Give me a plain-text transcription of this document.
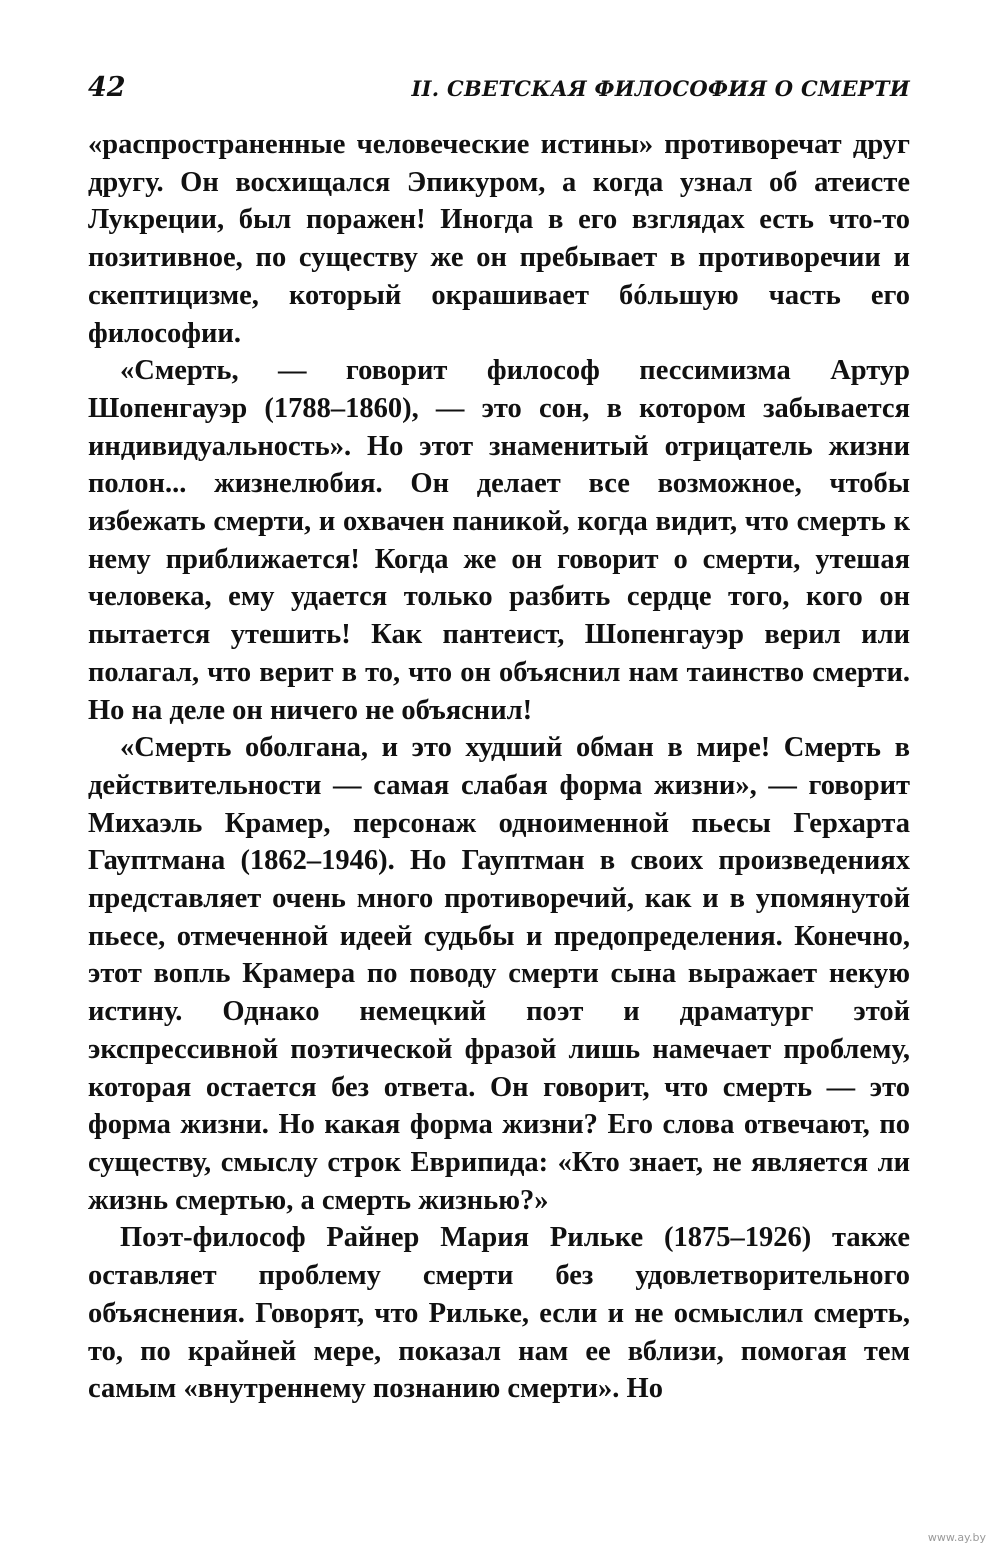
42	II. СВЕТСКАЯ ФИЛОСОФИЯ О СМЕРТИ

«распространенные человеческие истины» противоречат друг другу. Он восхищался Эпикуром, а когда узнал об атеисте Лукреции, был поражен! Иногда в его взглядах есть что-то позитивное, по существу же он пребывает в противоречии и скептицизме, который окрашивает бóльшую часть его философии.

«Смерть, — говорит философ пессимизма Артур Шопенгауэр (1788–1860), — это сон, в котором забывается индивидуальность». Но этот знаменитый отрицатель жизни полон... жизнелюбия. Он делает все возможное, чтобы избежать смерти, и охвачен паникой, когда видит, что смерть к нему приближается! Когда же он говорит о смерти, утешая человека, ему удается только разбить сердце того, кого он пытается утешить! Как пантеист, Шопенгауэр верил или полагал, что верит в то, что он объяснил нам таинство смерти. Но на деле он ничего не объяснил!

«Смерть оболгана, и это худший обман в мире! Смерть в действительности — самая слабая форма жизни», — говорит Михаэль Крамер, персонаж одноименной пьесы Герхарта Гауптмана (1862–1946). Но Гауптман в своих произведениях представляет очень много противоречий, как и в упомянутой пьесе, отмеченной идеей судьбы и предопределения. Конечно, этот вопль Крамера по поводу смерти сына выражает некую истину. Однако немецкий поэт и драматург этой экспрессивной поэтической фразой лишь намечает проблему, которая остается без ответа. Он говорит, что смерть — это форма жизни. Но какая форма жизни? Его слова отвечают, по существу, смыслу строк Еврипида: «Кто знает, не является ли жизнь смертью, а смерть жизнью?»

Поэт-философ Райнер Мария Рильке (1875–1926) также оставляет проблему смерти без удовлетворительного объяснения. Говорят, что Рильке, если и не осмыслил смерть, то, по крайней мере, показал нам ее вблизи, помогая тем самым «внутреннему познанию смерти». Но

www.ay.by
